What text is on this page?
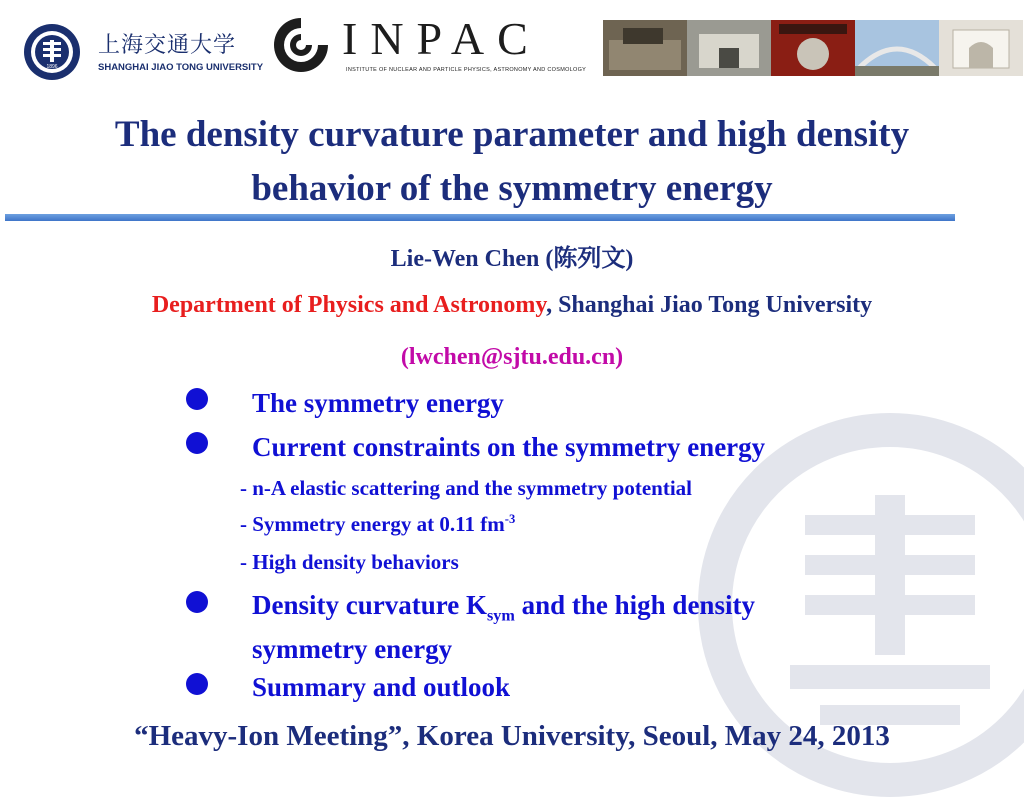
1896
上海交通大学
SHANGHAI JIAO TONG UNIVERSITY
INPAC
INSTITUTE OF NUCLEAR AND PARTICLE PHYSICS, ASTRONOMY AND COSMOLOGY
The density curvature parameter and high density
behavior of the symmetry energy
Lie-Wen Chen (陈列文)
Department of Physics and Astronomy, Shanghai Jiao Tong University
(lwchen@sjtu.edu.cn)
The symmetry energy
Current constraints on the symmetry energy
- n-A elastic scattering and the symmetry potential
- Symmetry energy at 0.11 $fm^{-3}$
- High density behaviors
Density curvature $K_{sym}$ and the high density
symmetry energy
Summary and outlook
“Heavy-Ion Meeting”, Korea University, Seoul, May 24, 2013
